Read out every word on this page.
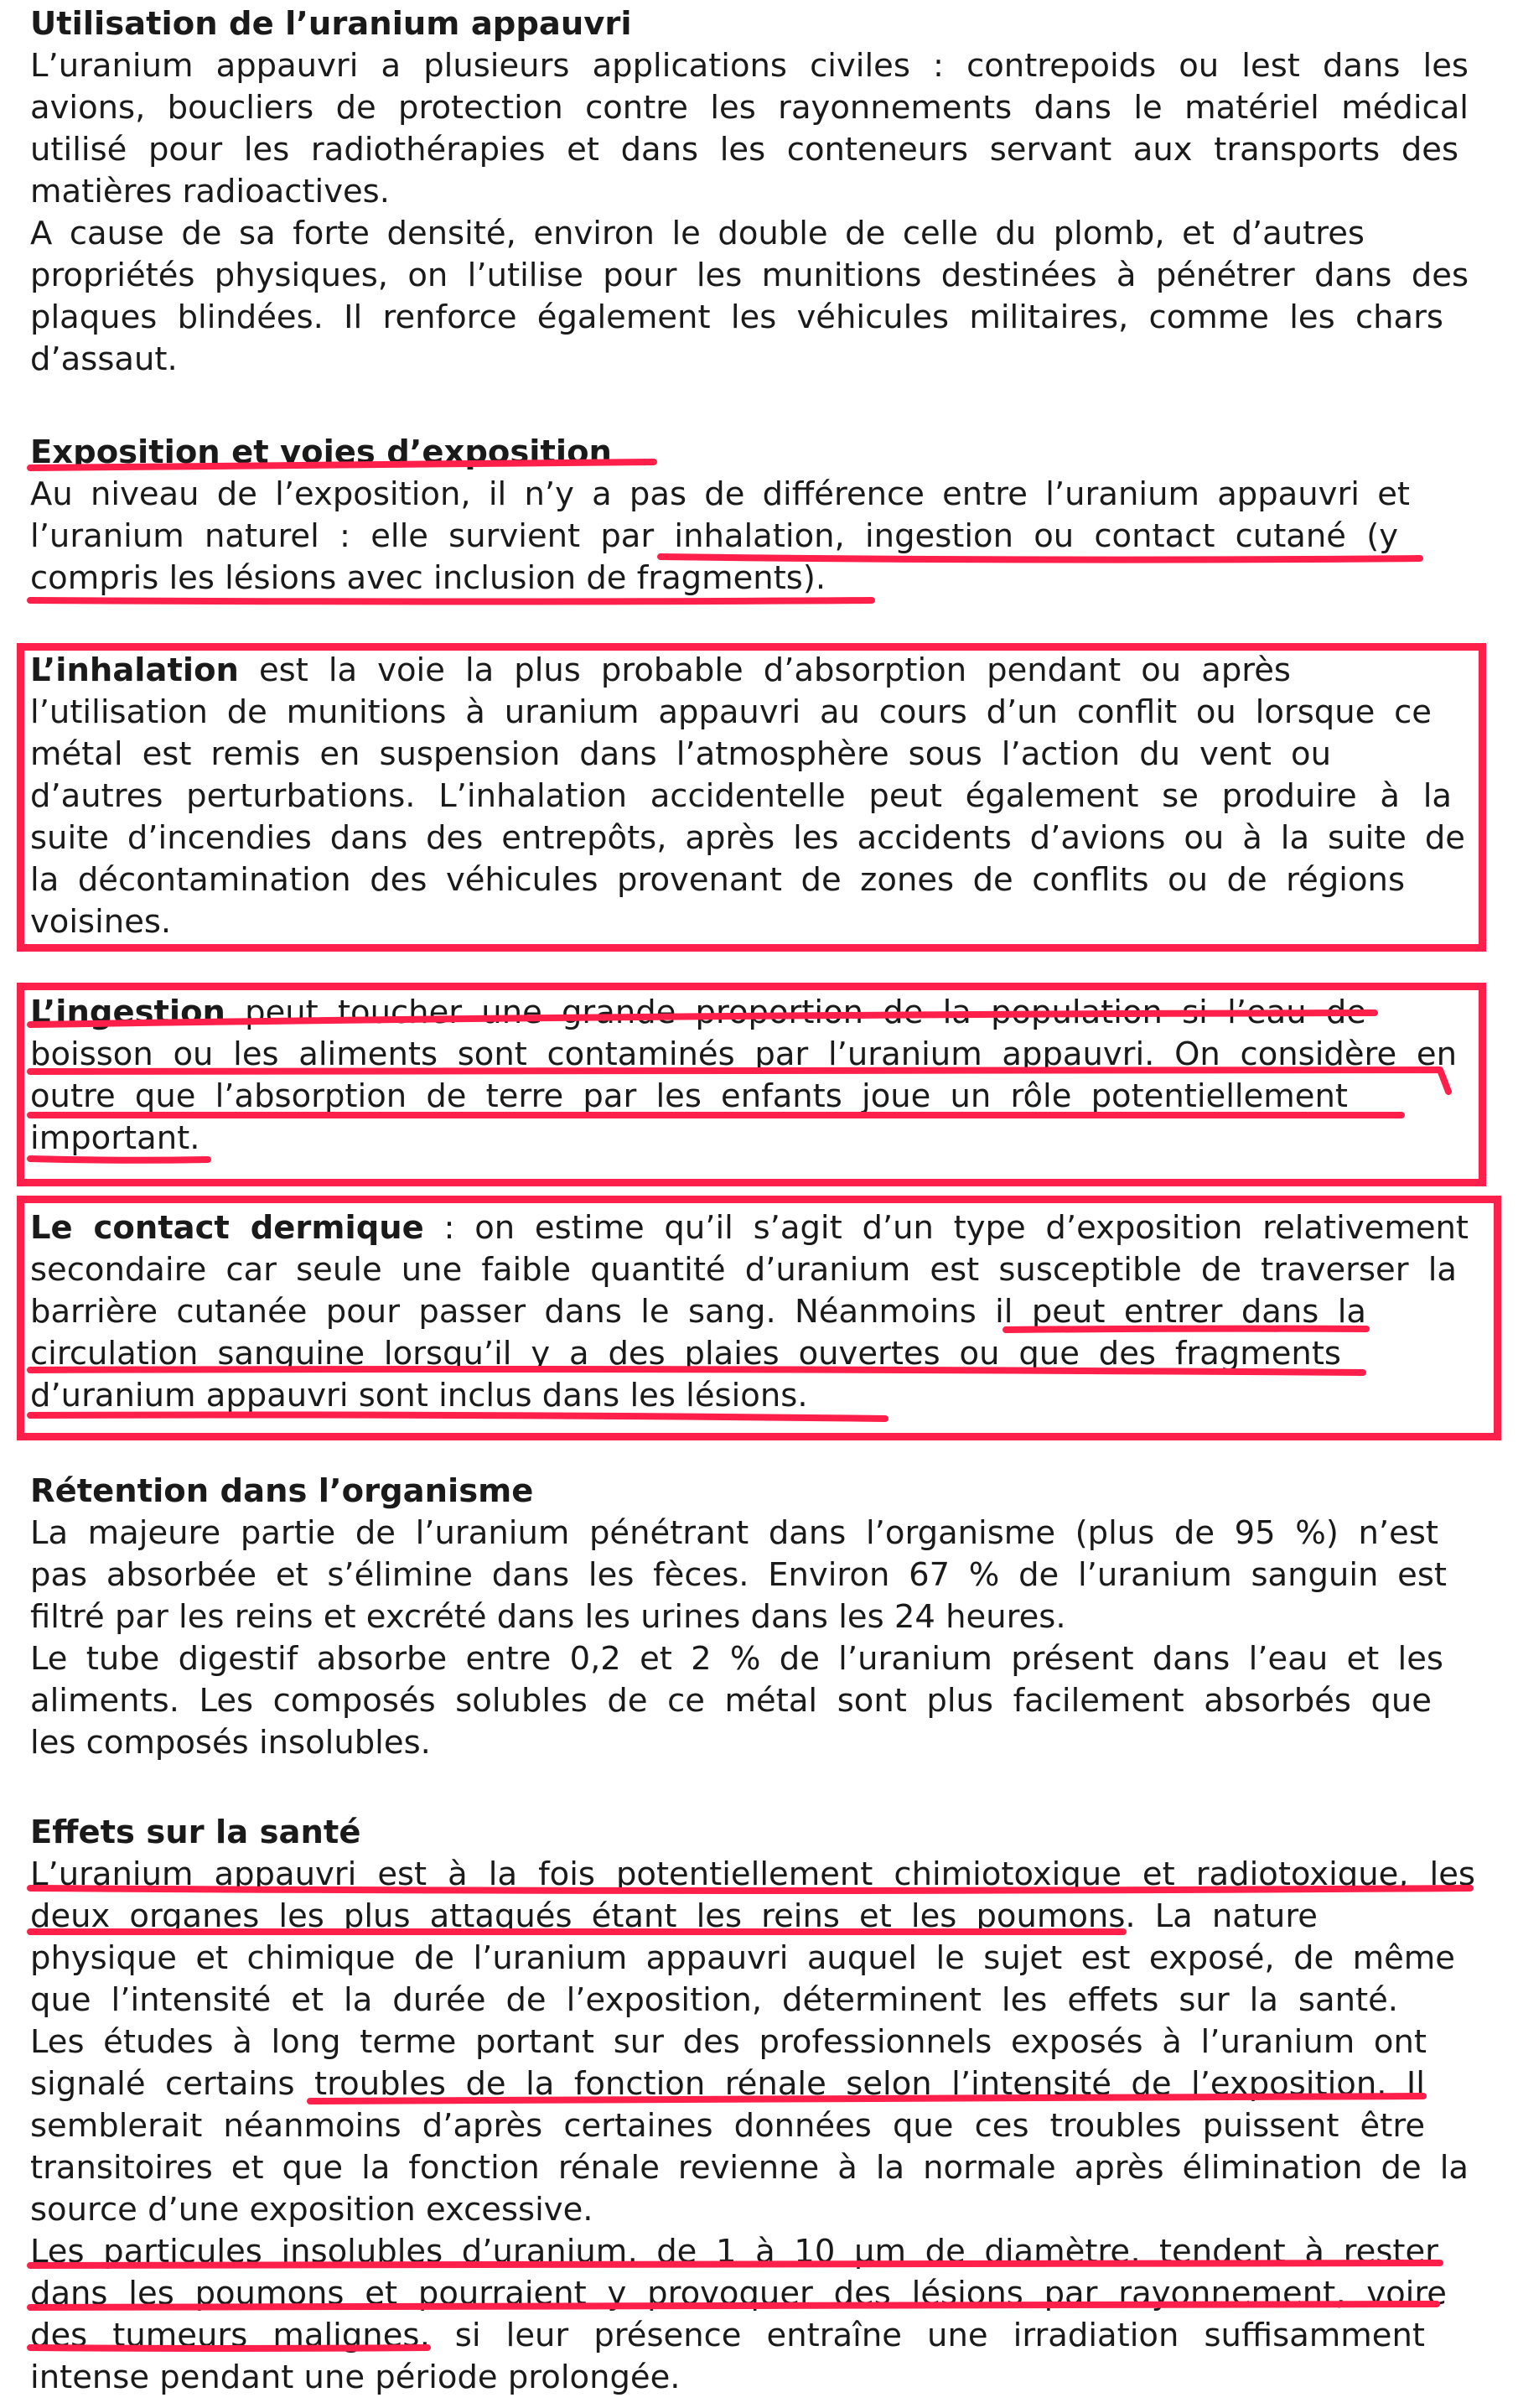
Utilisation de l’uranium appauvri
L’uranium appauvri a plusieurs applications civiles : contrepoids ou lest dans les
avions, boucliers de protection contre les rayonnements dans le matériel médical
utilisé pour les radiothérapies et dans les conteneurs servant aux transports des
matières radioactives.
A cause de sa forte densité, environ le double de celle du plomb, et d’autres
propriétés physiques, on l’utilise pour les munitions destinées à pénétrer dans des
plaques blindées. Il renforce également les véhicules militaires, comme les chars
d’assaut.
Exposition et voies d’exposition
Au niveau de l’exposition, il n’y a pas de différence entre l’uranium appauvri et
l’uranium naturel : elle survient par inhalation, ingestion ou contact cutané (y
compris les lésions avec inclusion de fragments).
L’inhalation est la voie la plus probable d’absorption pendant ou après
l’utilisation de munitions à uranium appauvri au cours d’un conflit ou lorsque ce
métal est remis en suspension dans l’atmosphère sous l’action du vent ou
d’autres perturbations. L’inhalation accidentelle peut également se produire à la
suite d’incendies dans des entrepôts, après les accidents d’avions ou à la suite de
la décontamination des véhicules provenant de zones de conflits ou de régions
voisines.
L’ingestion peut toucher une grande proportion de la population si l’eau de
boisson ou les aliments sont contaminés par l’uranium appauvri. On considère en
outre que l’absorption de terre par les enfants joue un rôle potentiellement
important.
Le contact dermique : on estime qu’il s’agit d’un type d’exposition relativement
secondaire car seule une faible quantité d’uranium est susceptible de traverser la
barrière cutanée pour passer dans le sang. Néanmoins il peut entrer dans la
circulation sanguine lorsqu’il y a des plaies ouvertes ou que des fragments
d’uranium appauvri sont inclus dans les lésions.
Rétention dans l’organisme
La majeure partie de l’uranium pénétrant dans l’organisme (plus de 95 %) n’est
pas absorbée et s’élimine dans les fèces. Environ 67 % de l’uranium sanguin est
filtré par les reins et excrété dans les urines dans les 24 heures.
Le tube digestif absorbe entre 0,2 et 2 % de l’uranium présent dans l’eau et les
aliments. Les composés solubles de ce métal sont plus facilement absorbés que
les composés insolubles.
Effets sur la santé
L’uranium appauvri est à la fois potentiellement chimiotoxique et radiotoxique, les
deux organes les plus attaqués étant les reins et les poumons. La nature
physique et chimique de l’uranium appauvri auquel le sujet est exposé, de même
que l’intensité et la durée de l’exposition, déterminent les effets sur la santé.
Les études à long terme portant sur des professionnels exposés à l’uranium ont
signalé certains troubles de la fonction rénale selon l’intensité de l’exposition. Il
semblerait néanmoins d’après certaines données que ces troubles puissent être
transitoires et que la fonction rénale revienne à la normale après élimination de la
source d’une exposition excessive.
Les particules insolubles d’uranium, de 1 à 10 µm de diamètre, tendent à rester
dans les poumons et pourraient y provoquer des lésions par rayonnement, voire
des tumeurs malignes, si leur présence entraîne une irradiation suffisamment
intense pendant une période prolongée.
